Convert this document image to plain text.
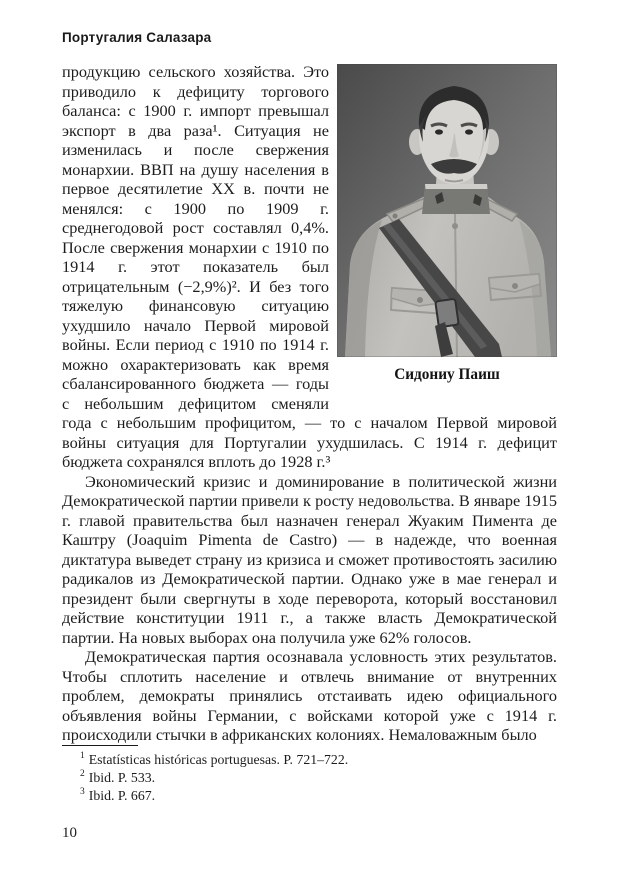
Португалия Салазара
Сидониу Паиш

продукцию сельского хозяйства. Это приводило к дефициту торгового баланса: с 1900 г. импорт превышал экспорт в два раза¹. Ситуация не изменилась и после свержения монархии. ВВП на душу населения в первое десятилетие XX в. почти не менялся: с 1900 по 1909 г. среднегодовой рост составлял 0,4%. После свержения монархии с 1910 по 1914 г. этот показатель был отрицательным (−2,9%)². И без того тяжелую финансовую ситуацию ухудшило начало Первой мировой войны. Если период с 1910 по 1914 г. можно охарактеризовать как время сбалансированного бюджета — годы с небольшим дефицитом сменяли года с небольшим профицитом, — то с началом Первой мировой войны ситуация для Португалии ухудшилась. С 1914 г. дефицит бюджета сохранялся вплоть до 1928 г.³

Экономический кризис и доминирование в политической жизни Демократической партии привели к росту недовольства. В январе 1915 г. главой правительства был назначен генерал Жуаким Пимента де Каштру (Joaquim Pimenta de Castro) — в надежде, что военная диктатура выведет страну из кризиса и сможет противостоять засилию радикалов из Демократической партии. Однако уже в мае генерал и президент были свергнуты в ходе переворота, который восстановил действие конституции 1911 г., а также власть Демократической партии. На новых выборах она получила уже 62% голосов.

Демократическая партия осознавала условность этих результатов. Чтобы сплотить население и отвлечь внимание от внутренних проблем, демократы принялись отстаивать идею официального объявления войны Германии, с войсками которой уже с 1914 г. происходили стычки в африканских колониях. Немаловажным было

$^1$ Estatísticas históricas portuguesas. P. 721–722.
$^2$ Ibid. P. 533.
$^3$ Ibid. P. 667.
10
